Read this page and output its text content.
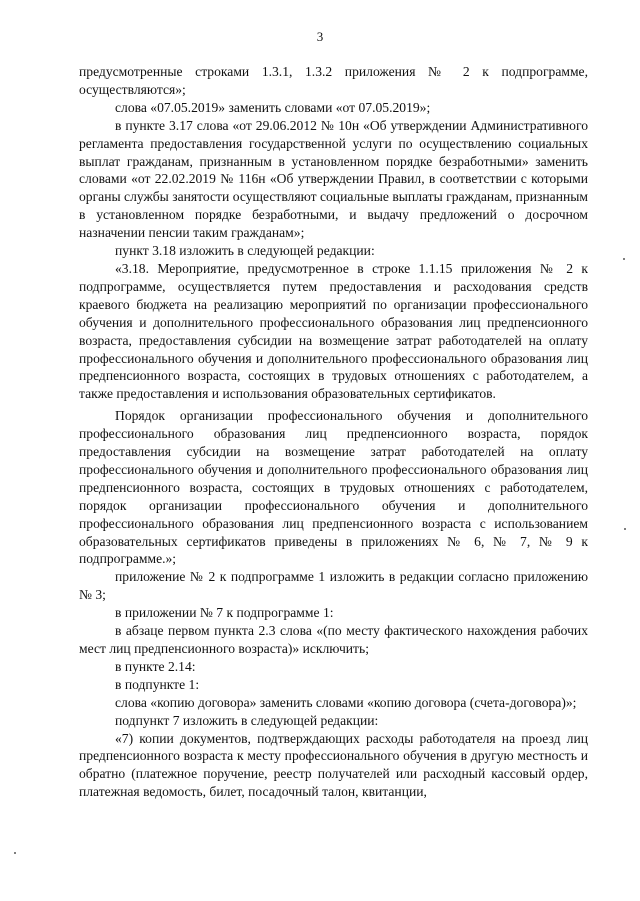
3

предусмотренные строками 1.3.1, 1.3.2 приложения № 2 к подпрограмме, осуществляются»;

слова «07.05.2019» заменить словами «от 07.05.2019»;

в пункте 3.17 слова «от 29.06.2012 № 10н «Об утверждении Административного регламента предоставления государственной услуги по осуществлению социальных выплат гражданам, признанным в установленном порядке безработными» заменить словами «от 22.02.2019 № 116н «Об утверждении Правил, в соответствии с которыми органы службы занятости осуществляют социальные выплаты гражданам, признанным в установленном порядке безработными, и выдачу предложений о досрочном назначении пенсии таким гражданам»;

пункт 3.18 изложить в следующей редакции:

«3.18. Мероприятие, предусмотренное в строке 1.1.15 приложения № 2 к подпрограмме, осуществляется путем предоставления и расходования средств краевого бюджета на реализацию мероприятий по организации профессионального обучения и дополнительного профессионального образования лиц предпенсионного возраста, предоставления субсидии на возмещение затрат работодателей на оплату профессионального обучения и дополнительного профессионального образования лиц предпенсионного возраста, состоящих в трудовых отношениях с работодателем, а также предоставления и использования образовательных сертификатов.

Порядок организации профессионального обучения и дополнительного профессионального образования лиц предпенсионного возраста, порядок предоставления субсидии на возмещение затрат работодателей на оплату профессионального обучения и дополнительного профессионального образования лиц предпенсионного возраста, состоящих в трудовых отношениях с работодателем, порядок организации профессионального обучения и дополнительного профессионального образования лиц предпенсионного возраста с использованием образовательных сертификатов приведены в приложениях № 6, № 7, № 9 к подпрограмме.»;

приложение № 2 к подпрограмме 1 изложить в редакции согласно приложению № 3;

в приложении № 7 к подпрограмме 1:

в абзаце первом пункта 2.3 слова «(по месту фактического нахождения рабочих мест лиц предпенсионного возраста)» исключить;

в пункте 2.14:

в подпункте 1:

слова «копию договора» заменить словами «копию договора (счета-договора)»;

подпункт 7 изложить в следующей редакции:

«7) копии документов, подтверждающих расходы работодателя на проезд лиц предпенсионного возраста к месту профессионального обучения в другую местность и обратно (платежное поручение, реестр получателей или расходный кассовый ордер, платежная ведомость, билет, посадочный талон, квитанции,
